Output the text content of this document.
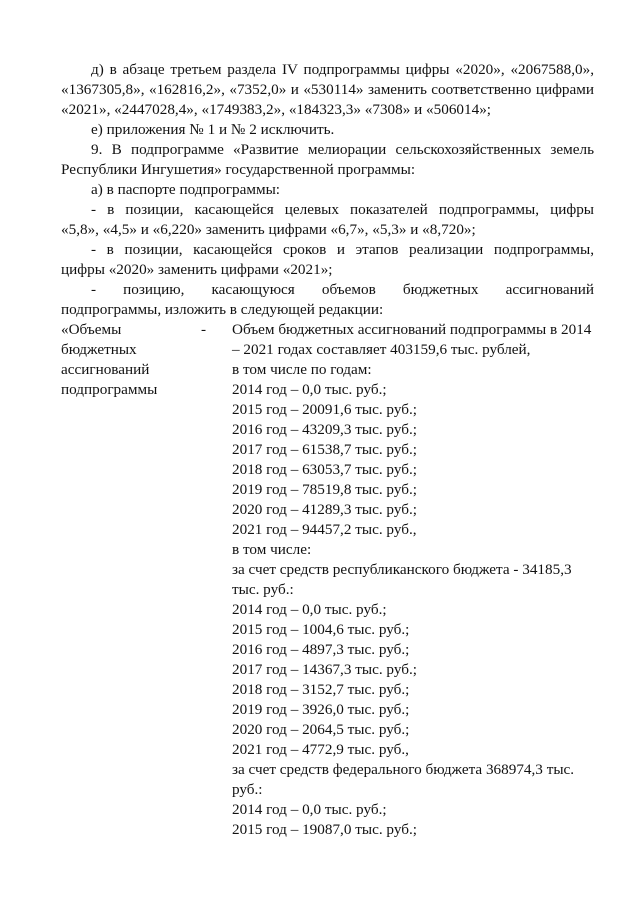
д) в абзаце третьем раздела IV подпрограммы цифры «2020», «2067588,0»,
«1367305,8», «162816,2», «7352,0» и «530114» заменить соответственно цифрами
«2021», «2447028,4», «1749383,2», «184323,3» «7308» и «506014»;
е) приложения № 1 и № 2 исключить.
9. В подпрограмме «Развитие мелиорации сельскохозяйственных земель
Республики Ингушетия» государственной программы:
а) в паспорте подпрограммы:
- в позиции, касающейся целевых показателей подпрограммы, цифры
«5,8», «4,5» и «6,220» заменить цифрами «6,7», «5,3» и «8,720»;
- в позиции, касающейся сроков и этапов реализации подпрограммы,
цифры «2020» заменить цифрами «2021»;
- позицию, касающуюся объемов бюджетных ассигнований
подпрограммы, изложить в следующей редакции:
«Объемы
бюджетных
ассигнований
подпрограммы
- Объем бюджетных ассигнований подпрограммы в 2014
– 2021 годах составляет 403159,6 тыс. рублей,
в том числе по годам:
2014 год – 0,0 тыс. руб.;
2015 год – 20091,6 тыс. руб.;
2016 год – 43209,3 тыс. руб.;
2017 год – 61538,7 тыс. руб.;
2018 год – 63053,7 тыс. руб.;
2019 год – 78519,8 тыс. руб.;
2020 год – 41289,3 тыс. руб.;
2021 год – 94457,2 тыс. руб.,
в том числе:
за счет средств республиканского бюджета - 34185,3
тыс. руб.:
2014 год – 0,0 тыс. руб.;
2015 год – 1004,6 тыс. руб.;
2016 год – 4897,3 тыс. руб.;
2017 год – 14367,3 тыс. руб.;
2018 год – 3152,7 тыс. руб.;
2019 год – 3926,0 тыс. руб.;
2020 год – 2064,5 тыс. руб.;
2021 год – 4772,9 тыс. руб.,
за счет средств федерального бюджета 368974,3 тыс.
руб.:
2014 год – 0,0 тыс. руб.;
2015 год – 19087,0 тыс. руб.;
